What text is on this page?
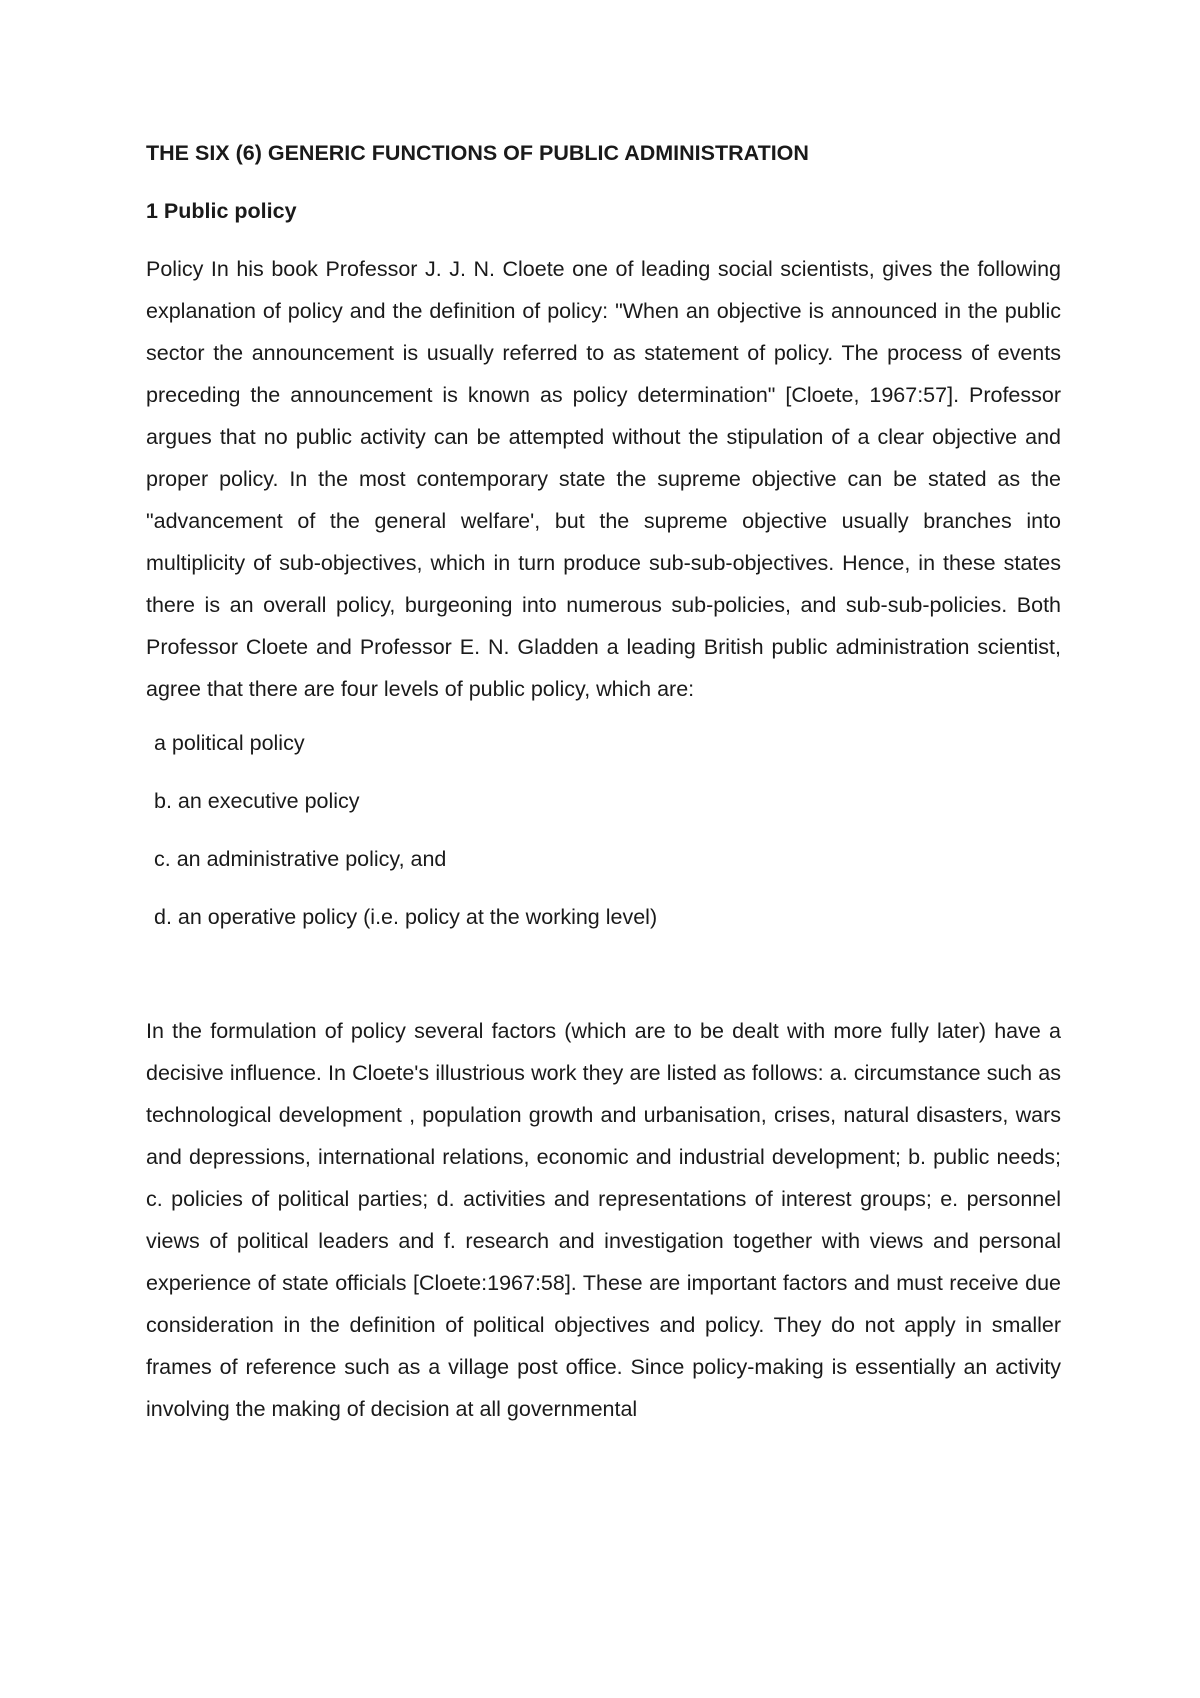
THE SIX (6) GENERIC FUNCTIONS OF PUBLIC ADMINISTRATION
1 Public policy

Policy In his book Professor J. J. N. Cloete one of leading social scientists, gives the following explanation of policy and the definition of policy: "When an objective is announced in the public sector the announcement is usually referred to as statement of policy. The process of events preceding the announcement is known as policy determination" [Cloete, 1967:57]. Professor argues that no public activity can be attempted without the stipulation of a clear objective and proper policy. In the most contemporary state the supreme objective can be stated as the "advancement of the general welfare', but the supreme objective usually branches into multiplicity of sub-objectives, which in turn produce sub-sub-objectives. Hence, in these states there is an overall policy, burgeoning into numerous sub-policies, and sub-sub-policies. Both Professor Cloete and Professor E. N. Gladden a leading British public administration scientist, agree that there are four levels of public policy, which are:

a political policy
b. an executive policy
c. an administrative policy, and
d. an operative policy (i.e. policy at the working level)

In the formulation of policy several factors (which are to be dealt with more fully later) have a decisive influence. In Cloete's illustrious work they are listed as follows: a. circumstance such as technological development , population growth and urbanisation, crises, natural disasters, wars and depressions, international relations, economic and industrial development; b. public needs; c. policies of political parties; d. activities and representations of interest groups; e. personnel views of political leaders and f. research and investigation together with views and personal experience of state officials [Cloete:1967:58]. These are important factors and must receive due consideration in the definition of political objectives and policy. They do not apply in smaller frames of reference such as a village post office. Since policy-making is essentially an activity involving the making of decision at all governmental
